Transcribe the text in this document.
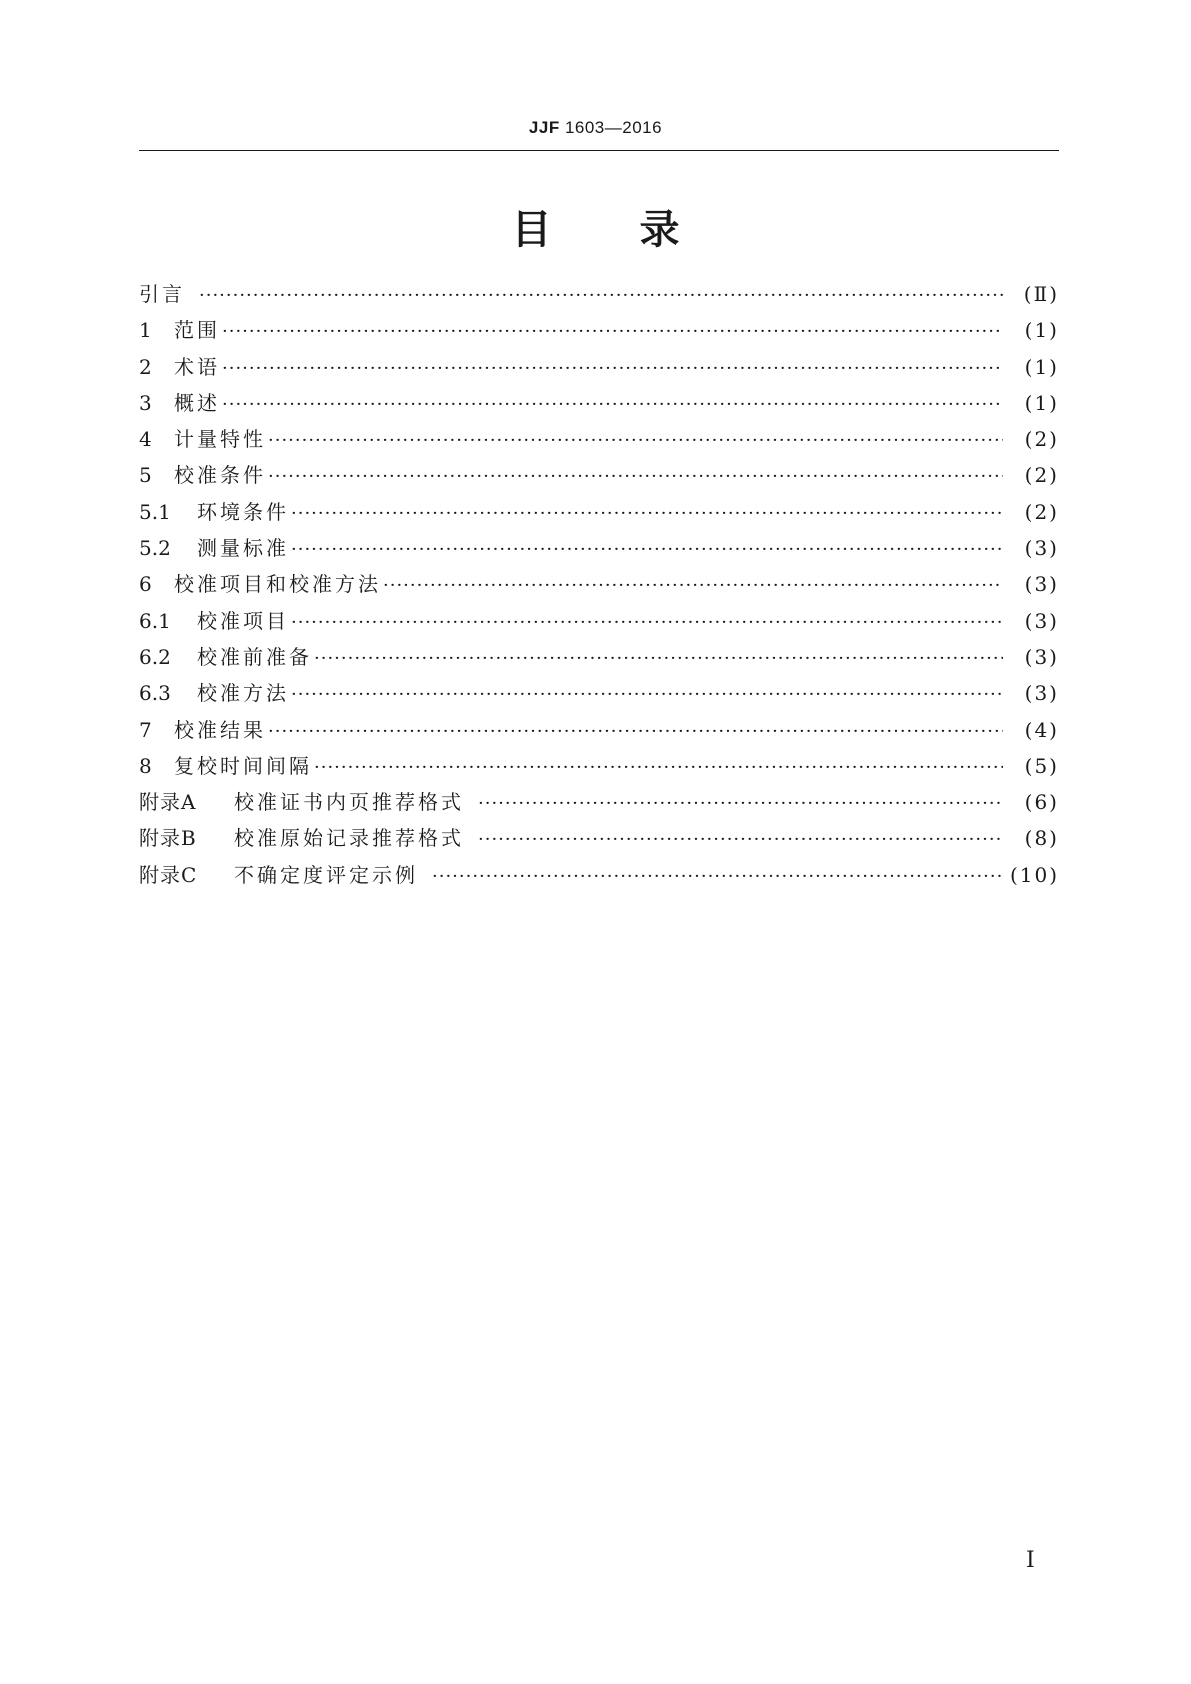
JJF 1603—2016
目 录
引言 ·····	(Ⅱ)
1	范围 ·····	(1)
2	术语 ·····	(1)
3	概述 ·····	(1)
4	计量特性 ·····	(2)
5	校准条件 ·····	(2)
5.1	环境条件 ·····	(2)
5.2	测量标准 ·····	(3)
6	校准项目和校准方法 ·····	(3)
6.1	校准项目 ·····	(3)
6.2	校准前准备 ·····	(3)
6.3	校准方法 ·····	(3)
7	校准结果 ·····	(4)
8	复校时间间隔 ·····	(5)
附录A	校准证书内页推荐格式 ·····	(6)
附录B	校准原始记录推荐格式 ·····	(8)
附录C	不确定度评定示例 ·····	(10)
Ⅰ
